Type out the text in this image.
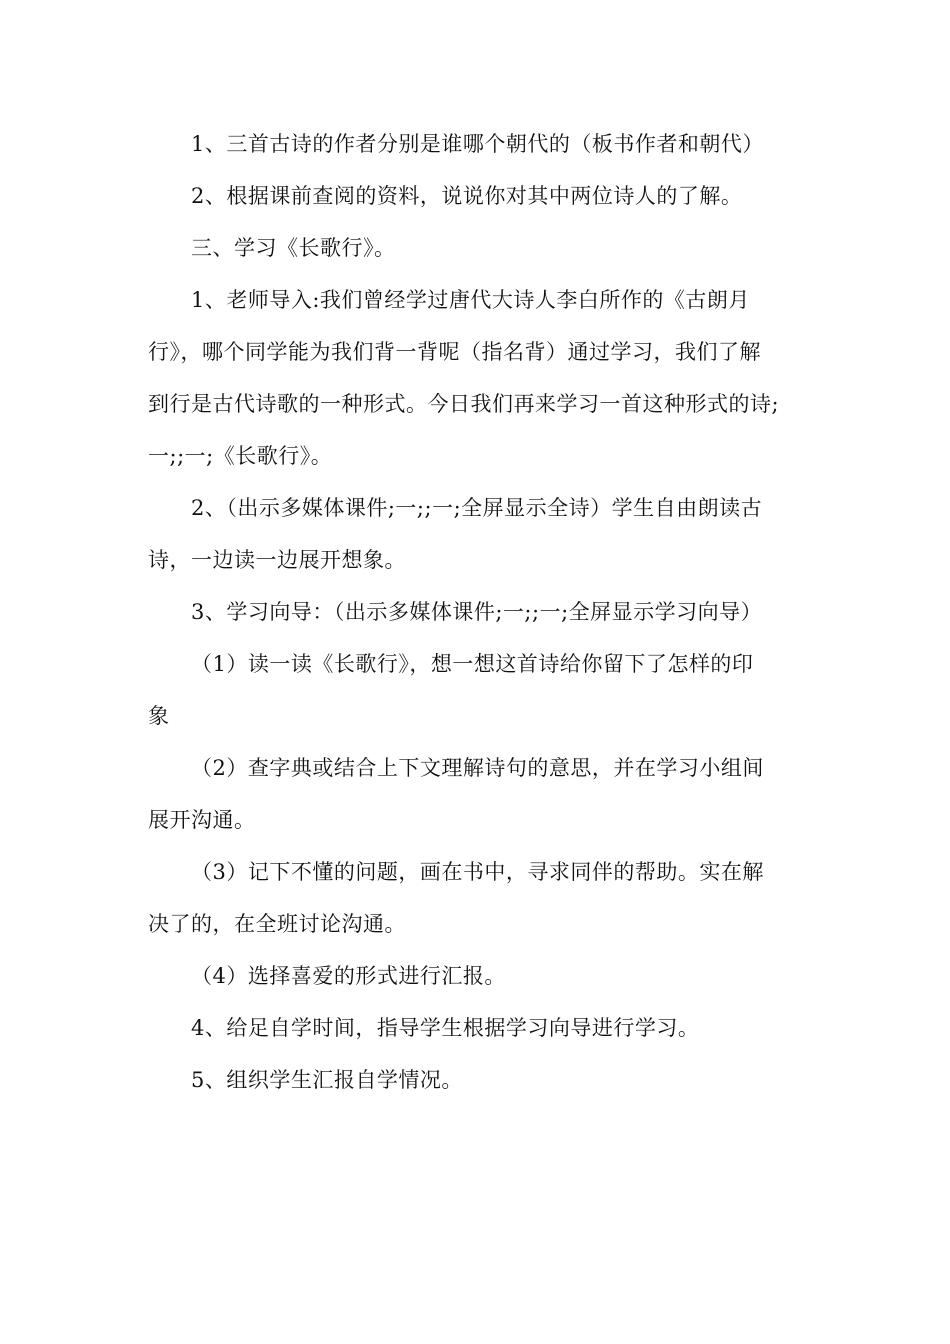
1、三首古诗的作者分别是谁哪个朝代的（板书作者和朝代）

2、根据课前查阅的资料，说说你对其中两位诗人的了解。

三、学习《长歌行》。

1、老师导入:我们曾经学过唐代大诗人李白所作的《古朗月
行》，哪个同学能为我们背一背呢（指名背）通过学习，我们了解
到行是古代诗歌的一种形式。今日我们再来学习一首这种形式的诗;
一;;一;《长歌行》。

2、（出示多媒体课件;一;;一;全屏显示全诗）学生自由朗读古
诗，一边读一边展开想象。

3、学习向导：（出示多媒体课件;一;;一;全屏显示学习向导）

（1）读一读《长歌行》，想一想这首诗给你留下了怎样的印
象

（2）查字典或结合上下文理解诗句的意思，并在学习小组间
展开沟通。

（3）记下不懂的问题，画在书中，寻求同伴的帮助。实在解
决了的，在全班讨论沟通。

（4）选择喜爱的形式进行汇报。

4、给足自学时间，指导学生根据学习向导进行学习。

5、组织学生汇报自学情况。
